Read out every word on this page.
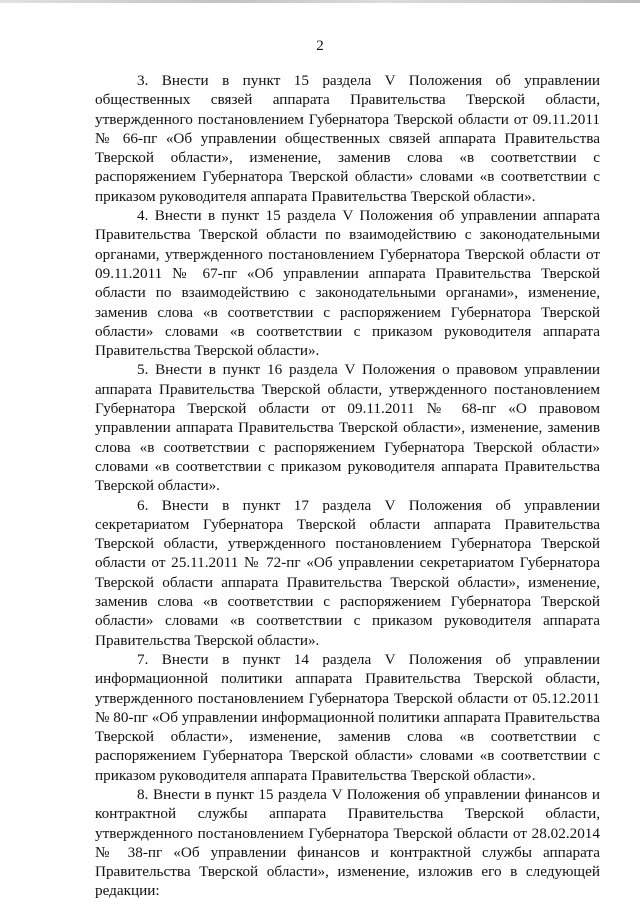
2

3. Внести в пункт 15 раздела V Положения об управлении общественных связей аппарата Правительства Тверской области, утвержденного постановлением Губернатора Тверской области от 09.11.2011 № 66-пг «Об управлении общественных связей аппарата Правительства Тверской области», изменение, заменив слова «в соответствии с распоряжением Губернатора Тверской области» словами «в соответствии с приказом руководителя аппарата Правительства Тверской области».

4. Внести в пункт 15 раздела V Положения об управлении аппарата Правительства Тверской области по взаимодействию с законодательными органами, утвержденного постановлением Губернатора Тверской области от 09.11.2011 № 67-пг «Об управлении аппарата Правительства Тверской области по взаимодействию с законодательными органами», изменение, заменив слова «в соответствии с распоряжением Губернатора Тверской области» словами «в соответствии с приказом руководителя аппарата Правительства Тверской области».

5. Внести в пункт 16 раздела V Положения о правовом управлении аппарата Правительства Тверской области, утвержденного постановлением Губернатора Тверской области от 09.11.2011 № 68-пг «О правовом управлении аппарата Правительства Тверской области», изменение, заменив слова «в соответствии с распоряжением Губернатора Тверской области» словами «в соответствии с приказом руководителя аппарата Правительства Тверской области».

6. Внести в пункт 17 раздела V Положения об управлении секретариатом Губернатора Тверской области аппарата Правительства Тверской области, утвержденного постановлением Губернатора Тверской области от 25.11.2011 № 72-пг «Об управлении секретариатом Губернатора Тверской области аппарата Правительства Тверской области», изменение, заменив слова «в соответствии с распоряжением Губернатора Тверской области» словами «в соответствии с приказом руководителя аппарата Правительства Тверской области».

7. Внести в пункт 14 раздела V Положения об управлении информационной политики аппарата Правительства Тверской области, утвержденного постановлением Губернатора Тверской области от 05.12.2011 № 80-пг «Об управлении информационной политики аппарата Правительства Тверской области», изменение, заменив слова «в соответствии с распоряжением Губернатора Тверской области» словами «в соответствии с приказом руководителя аппарата Правительства Тверской области».

8. Внести в пункт 15 раздела V Положения об управлении финансов и контрактной службы аппарата Правительства Тверской области, утвержденного постановлением Губернатора Тверской области от 28.02.2014 № 38-пг «Об управлении финансов и контрактной службы аппарата Правительства Тверской области», изменение, изложив его в следующей редакции:
